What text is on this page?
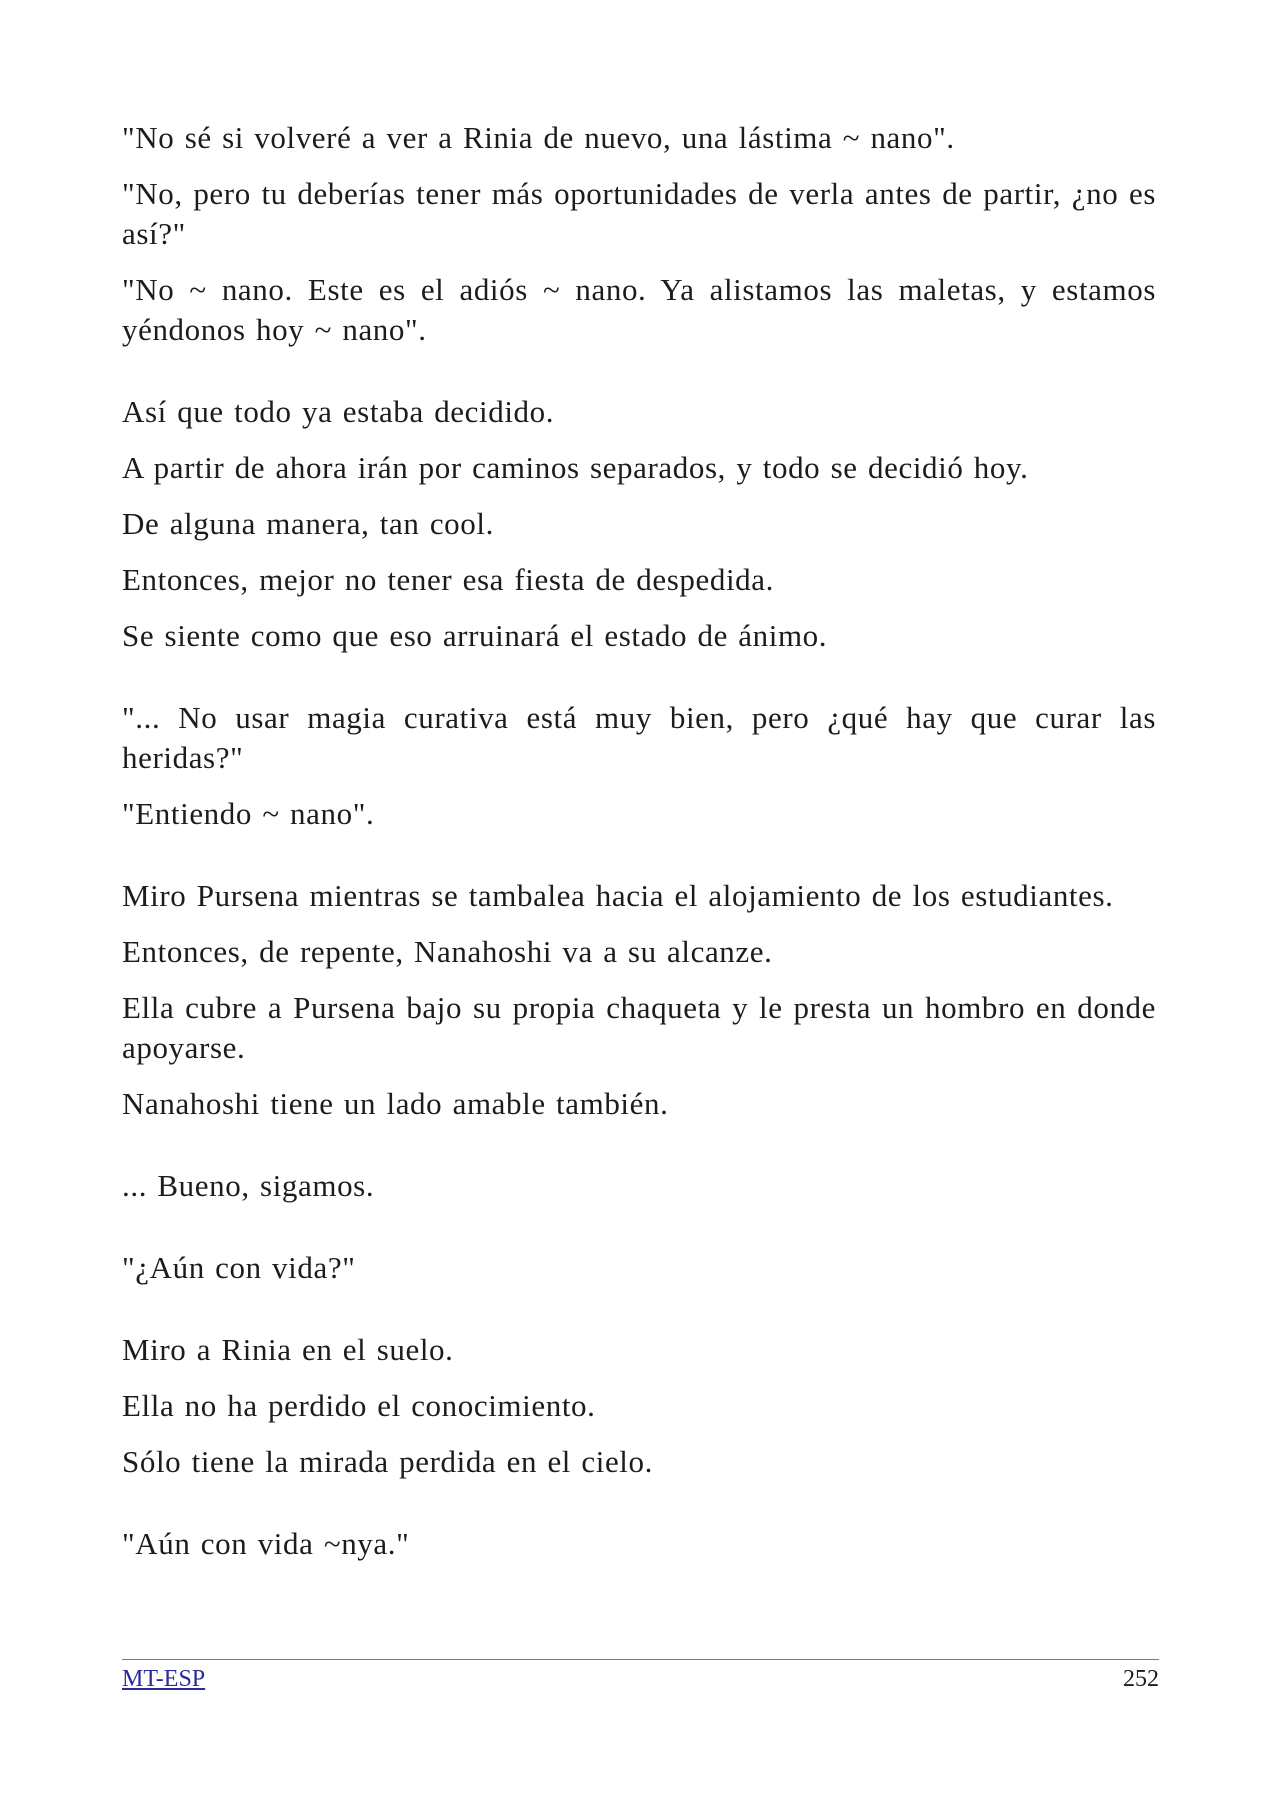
"No sé si volveré a ver a Rinia de nuevo, una lástima ~ nano".

"No, pero tu deberías tener más oportunidades de verla antes de partir, ¿no es así?"

"No ~ nano. Este es el adiós ~ nano. Ya alistamos las maletas, y estamos yéndonos hoy ~ nano".

Así que todo ya estaba decidido.

A partir de ahora irán por caminos separados, y todo se decidió hoy.

De alguna manera, tan cool.

Entonces, mejor no tener esa fiesta de despedida.

Se siente como que eso arruinará el estado de ánimo.

"... No usar magia curativa está muy bien, pero ¿qué hay que curar las heridas?"

"Entiendo ~ nano".

Miro Pursena mientras se tambalea hacia el alojamiento de los estudiantes.

Entonces, de repente, Nanahoshi va a su alcanze.

Ella cubre a Pursena bajo su propia chaqueta y le presta un hombro en donde apoyarse.

Nanahoshi tiene un lado amable también.

... Bueno, sigamos.

"¿Aún con vida?"

Miro a Rinia en el suelo.

Ella no ha perdido el conocimiento.

Sólo tiene la mirada perdida en el cielo.

"Aún con vida ~nya."

MT-ESP	252
